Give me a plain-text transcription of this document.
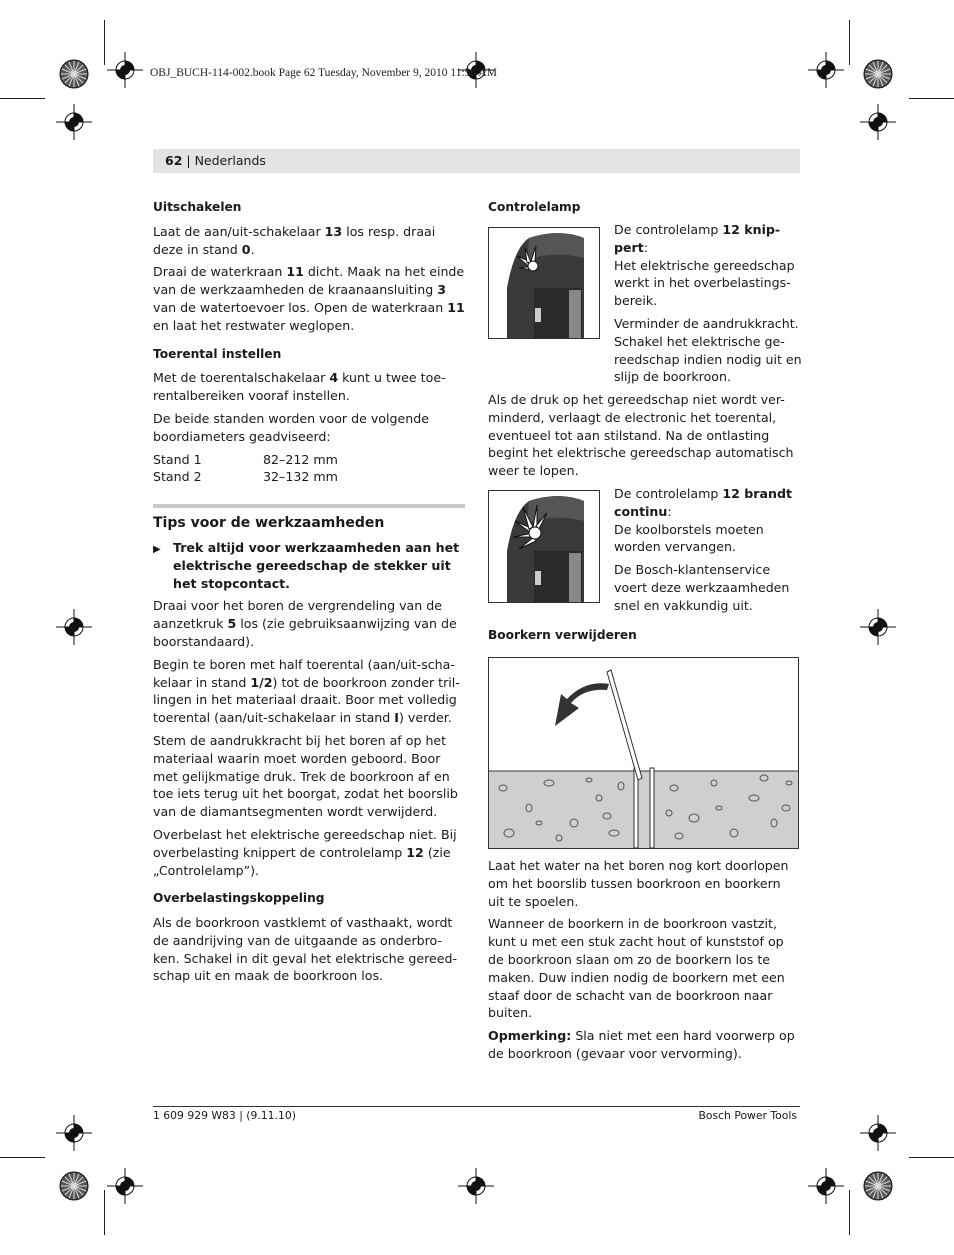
OBJ_BUCH-114-002.book Page 62 Tuesday, November 9, 2010 11:58 AM
62 | Nederlands
Uitschakelen

Laat de aan/uit-schakelaar 13 los resp. draai deze in stand 0.

Draai de waterkraan 11 dicht. Maak na het einde van de werkzaamheden de kraanaansluiting 3 van de watertoevoer los. Open de waterkraan 11 en laat het restwater weglopen.

Toerental instellen

Met de toerentalschakelaar 4 kunt u twee toe-rentalbereiken vooraf instellen.

De beide standen worden voor de volgende boordiameters geadviseerd:

Stand 1	82–212 mm
Stand 2	32–132 mm
Tips voor de werkzaamheden
▶ Trek altijd voor werkzaamheden aan het elektrische gereedschap de stekker uit het stopcontact.

Draai voor het boren de vergrendeling van de aanzetkruk 5 los (zie gebruiksaanwijzing van de boorstandaard).

Begin te boren met half toerental (aan/uit-scha-kelaar in stand 1/2) tot de boorkroon zonder tril-lingen in het materiaal draait. Boor met volledig toerental (aan/uit-schakelaar in stand I) verder.

Stem de aandrukkracht bij het boren af op het materiaal waarin moet worden geboord. Boor met gelijkmatige druk. Trek de boorkroon af en toe iets terug uit het boorgat, zodat het boorslib van de diamantsegmenten wordt verwijderd.

Overbelast het elektrische gereedschap niet. Bij overbelasting knippert de controlelamp 12 (zie „Controlelamp”).

Overbelastingskoppeling

Als de boorkroon vastklemt of vasthaakt, wordt de aandrijving van de uitgaande as onderbro-ken. Schakel in dit geval het elektrische gereed-schap uit en maak de boorkroon los.

Controlelamp

De controlelamp 12 knip-pert:

Het elektrische gereedschap werkt in het overbelastings-bereik.

Verminder de aandrukkracht. Schakel het elektrische ge-reedschap indien nodig uit en slijp de boorkroon.

Als de druk op het gereedschap niet wordt ver-minderd, verlaagt de electronic het toerental, eventueel tot aan stilstand. Na de ontlasting begint het elektrische gereedschap automatisch weer te lopen.

De controlelamp 12 brandt continu:

De koolborstels moeten worden vervangen.

De Bosch-klantenservice voert deze werkzaamheden snel en vakkundig uit.

Boorkern verwijderen

Laat het water na het boren nog kort doorlopen om het boorslib tussen boorkroon en boorkern uit te spoelen.

Wanneer de boorkern in de boorkroon vastzit, kunt u met een stuk zacht hout of kunststof op de boorkroon slaan om zo de boorkern los te maken. Duw indien nodig de boorkern met een staaf door de schacht van de boorkroon naar buiten.

Opmerking: Sla niet met een hard voorwerp op de boorkroon (gevaar voor vervorming).

1 609 929 W83 | (9.11.10)	Bosch Power Tools
